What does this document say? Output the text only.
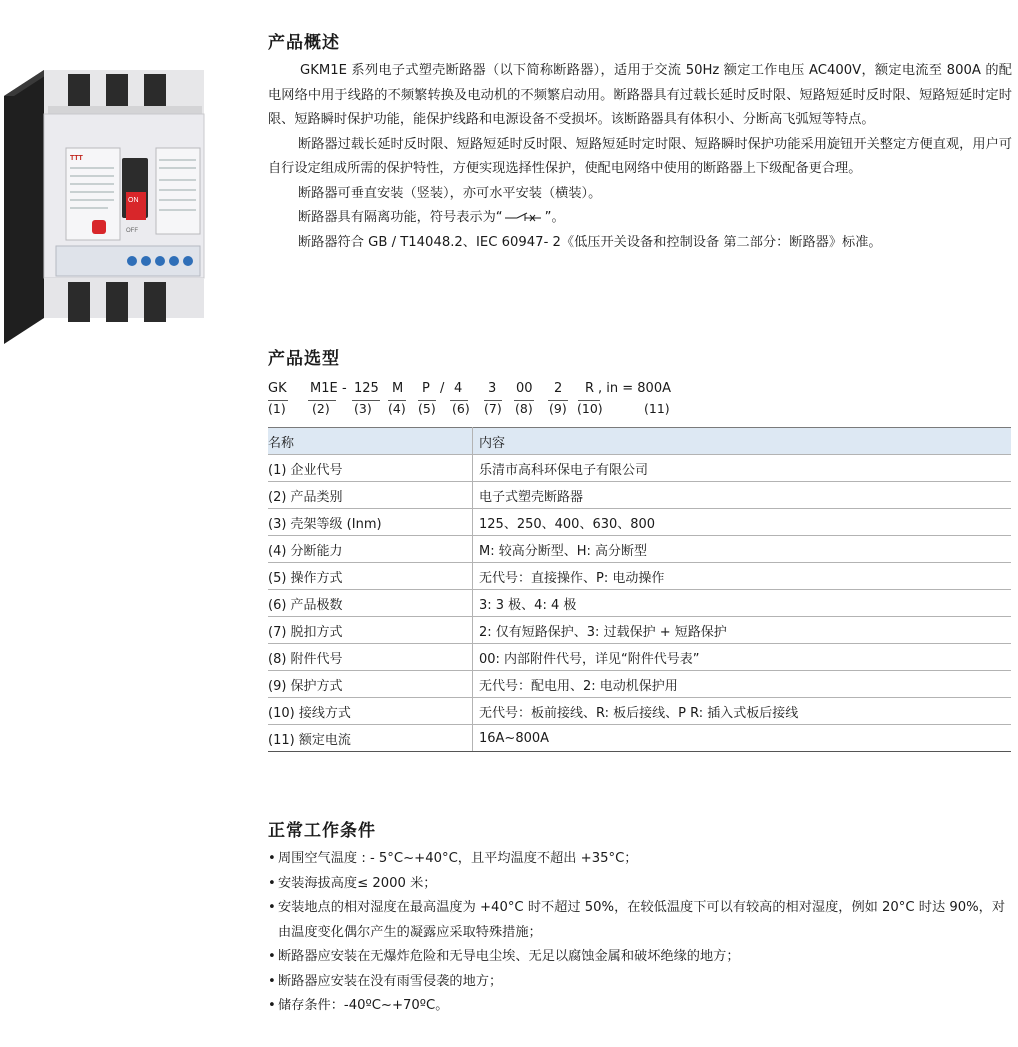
TTT
ON
OFF
产品概述

GKM1E 系列电子式塑壳断路器（以下简称断路器），适用于交流 50Hz 额定工作电压 AC400V，额定电流至 800A 的配电网络中用于线路的不频繁转换及电动机的不频繁启动用。断路器具有过载长延时反时限、短路短延时反时限、短路短延时定时限、短路瞬时保护功能，能保护线路和电源设备不受损坏。该断路器具有体积小、分断高飞弧短等特点。

断路器过载长延时反时限、短路短延时反时限、短路短延时定时限、短路瞬时保护功能采用旋钮开关整定方便直观，用户可自行设定组成所需的保护特性，方便实现选择性保护，使配电网络中使用的断路器上下级配备更合理。

断路器可垂直安装（竖装），亦可水平安装（横装）。

断路器具有隔离功能，符号表示为“	”。

断路器符合 GB / T14048.2、IEC 60947- 2《低压开关设备和控制设备 第二部分：断路器》标准。

产品选型
GK M1E - 125 M P / 4 3 00 2 R , in = 800A
(1) (2) (3) (4) (5) (6) (7) (8) (9) (10)	(11)
名称	内容
(1) 企业代号	乐清市高科环保电子有限公司
(2) 产品类别	电子式塑壳断路器
(3) 壳架等级 (Inm)	125、250、400、630、800
(4) 分断能力	M: 较高分断型、H: 高分断型
(5) 操作方式	无代号：直接操作、P: 电动操作
(6) 产品极数	3: 3 极、4: 4 极
(7) 脱扣方式	2: 仅有短路保护、3: 过载保护 + 短路保护
(8) 附件代号	00: 内部附件代号，详见“附件代号表”
(9) 保护方式	无代号：配电用、2: 电动机保护用
(10) 接线方式	无代号：板前接线、R: 板后接线、P R: 插入式板后接线
(11) 额定电流	16A~800A
正常工作条件
• 周围空气温度 : - 5°C~+40°C，且平均温度不超出 +35°C；
• 安装海拔高度≤ 2000 米；
• 安装地点的相对湿度在最高温度为 +40°C 时不超过 50%，在较低温度下可以有较高的相对湿度，例如 20°C 时达 90%，对由温度变化偶尔产生的凝露应采取特殊措施；
• 断路器应安装在无爆炸危险和无导电尘埃、无足以腐蚀金属和破坏绝缘的地方；
• 断路器应安装在没有雨雪侵袭的地方；
• 储存条件：-40ºC~+70ºC。
